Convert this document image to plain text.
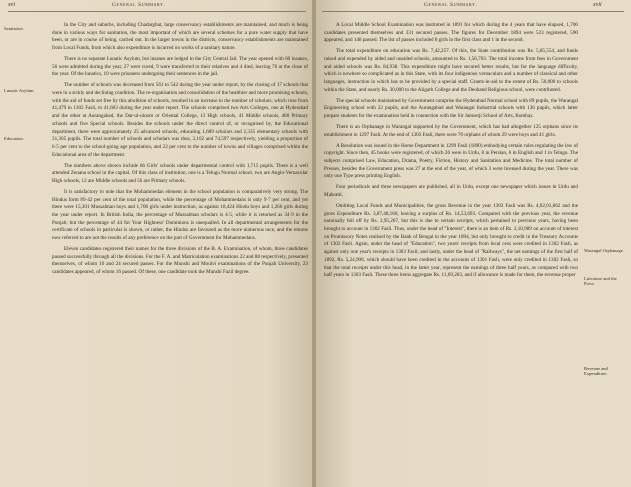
xvi	General Summary.
Sanitation.
Lunatic Asylum.
Education.

In the City and suburbs, including Chadarghat, large conservancy establishments are maintained, and much is being done in various ways for sanitation, the most important of which are several schemes for a pure water supply that have been, or are in course of being, carried out. In the larger towns in the districts, conservancy establishments are maintained from Local Funds, from which also expenditure is incurred on works of a sanitary nature.

There is no separate Lunatic Asylum, but insanes are lodged in the City Central Jail. The year opened with 60 insanes, 56 were admitted during the year, 27 were cured, 9 were transferred to their relatives and 4 died, leaving 76 at the close of the year. Of the lunatics, 10 were prisoners undergoing their sentences in the jail.

The number of schools was decreased from 561 to 542 during the year under report, by the closing of 17 schools that were in a sickly and declining condition. The re-organisation and consolidation of the healthier and more promising schools, with the aid of funds set free by this abolition of schools, resulted in an increase in the number of scholars, which rose from 41,479 in 1302 Fasli, to 41,603 during the year under report. The schools comprised two Arts Colleges, one at Hyderabad and the other at Aurangabad, the Dar-ul-uloom or Oriental College, 13 High schools, 41 Middle schools, 480 Primary schools and five Special schools. Besides the schools under the direct control of, or recognised by, the Educational department, there were approximately 25 advanced schools, educating 1,689 scholars and 2,335 elementary schools with 31,305 pupils. The total number of schools and scholars was thus, 3,102 and 74,597 respectively, yielding a proportion of 6·5 per cent to the school-going age population, and 22 per cent to the number of towns and villages comprised within the Educational area of the department.

The numbers above shown include 66 Girls' schools under departmental control with 1,715 pupils. There is a well attended Zenana school in the capital. Of this class of institution, one is a Telugu Normal school, two are Anglo-Vernacular High schools, 12 are Middle schools and 56 are Primary schools.

It is satisfactory to note that the Mohammedan element in the school population is comparatively very strong. The Hindus form 89·42 per cent of the total population, while the percentage of Mohammedans is only 9·7 per cent, and yet there were 15,301 Mussalman boys and 1,706 girls under instruction, as against 18,424 Hindu boys and 1,266 girls during the year under report. In British India, the percentage of Mussalman scholars is 4·5, while it is returned as 34·9 in the Punjab; but the percentage of 44 for Your Highness' Dominions is unequalled. In all departmental arrangements for the certificate of schools in particular is shown, or rather, the Hindus are favoured as the more numerous race, and the returns now referred to are not the results of any preference on the part of Government for Mohammedans.

Eleven candidates registered their names for the three divisions of the B. A. Examination, of whom, three candidates passed successfully through all the divisions. For the F. A. and Matriculation examinations 22 and 88 respectively, presented themselves, of whom 10 and 24 secured passes. For the Munshi and Moulvi examinations of the Punjab University, 23 candidates appeared, of whom 16 passed. Of these, one candidate took the Munshi Fazil degree.

General Summary.	xvii

A Local Middle School Examination was instituted in 1891 for which during the 4 years that have elapsed, 1,700 candidates presented themselves and 331 secured passes. The figures for December 1894 were 523 registered, 590 appeared, and 148 passed. The list of passes included 8 girls in the first class and 1 in the second.

The total expenditure on education was Rs. 7,42,257. Of this, the State contribution was Rs. 5,85,554, and funds raised and expended by aided and unaided schools, amounted to Rs. 1,56,703. The total income from fees in Government and aided schools was Rs. 84,938. This expenditure might have secured better results, but for the language difficulty, which is nowhere so complicated as in this State, with its four indigenous vernaculars and a number of classical and other languages, instruction in which has to be provided by a special staff. Grants-in-aid to the extent of Rs. 50,000 to schools within the State, and nearly Rs. 30,000 to the Aligarh College and the Deoband Religious school, were contributed.

The special schools maintained by Government comprise the Hyderabad Normal school with 89 pupils, the Warangal Engineering school with 22 pupils, and the Aurangabad and Warangal Industrial schools with 136 pupils, which latter prepare students for the examination held in connection with the Sir Jamsetji School of Arts, Bombay.

There is an Orphanage in Warangal supported by the Government, which has had altogether 125 orphans since its establishment in 1297 Fasli. At the end of 1303 Fasli, there were 70 orphans of whom 29 were boys and 41 girls.

A Resolution was issued in the Home Department in 1299 Fasli (1890) embodying certain rules regulating the law of copyright. Since then, 45 books were registered, of which 26 were in Urdu, 8 in Persian, 6 in English and 1 in Telugu. The subjects comprised Law, Education, Drama, Poetry, Fiction, History and Sanitation and Medicine. The total number of Presses, besides the Government press was 27 at the end of the year, of which 3 were licensed during the year. There was only one Type press printing English.

Four periodicals and three newspapers are published, all in Urdu, except one newspaper which issues in Urdu and Mahratti.

Omitting Local Funds and Municipalities, the gross Revenue in the year 1303 Fasli was Rs. 4,02,01,862 and the gross Expenditure Rs. 3,87,48,160, leaving a surplus of Rs. 14,53,693. Compared with the previous year, the revenue nominally fell off by Rs. 2,95,267, but this is due to certain receipts, which pertained to previous years, having been brought to account in 1302 Fasli. Thus, under the head of "Interest", there is an item of Rs. 2,10,989 on account of interest on Promissory Notes realised by the Bank of Bengal in the year 1894, but only brought to credit in the Treasury Accounts of 1302 Fasli. Again, under the head of "Education", two years' receipts from local cess were credited in 1302 Fasli, as against only one year's receipts in 1303 Fasli; and lastly, under the head of "Railways", the net earnings of the first half of 1892, Rs. 5,24,908, which should have been credited in the accounts of 1301 Fasli, were only credited in 1302 Fasli, so that the total receipts under this head, in the latter year, represent the earnings of three half years, as compared with two half years in 1303 Fasli. These three items aggregate Rs. 11,69,263, and if allowance is made for them, the revenue proper

Warangal Orphanage.
Literature and the Press.
Revenue and Expenditure.
